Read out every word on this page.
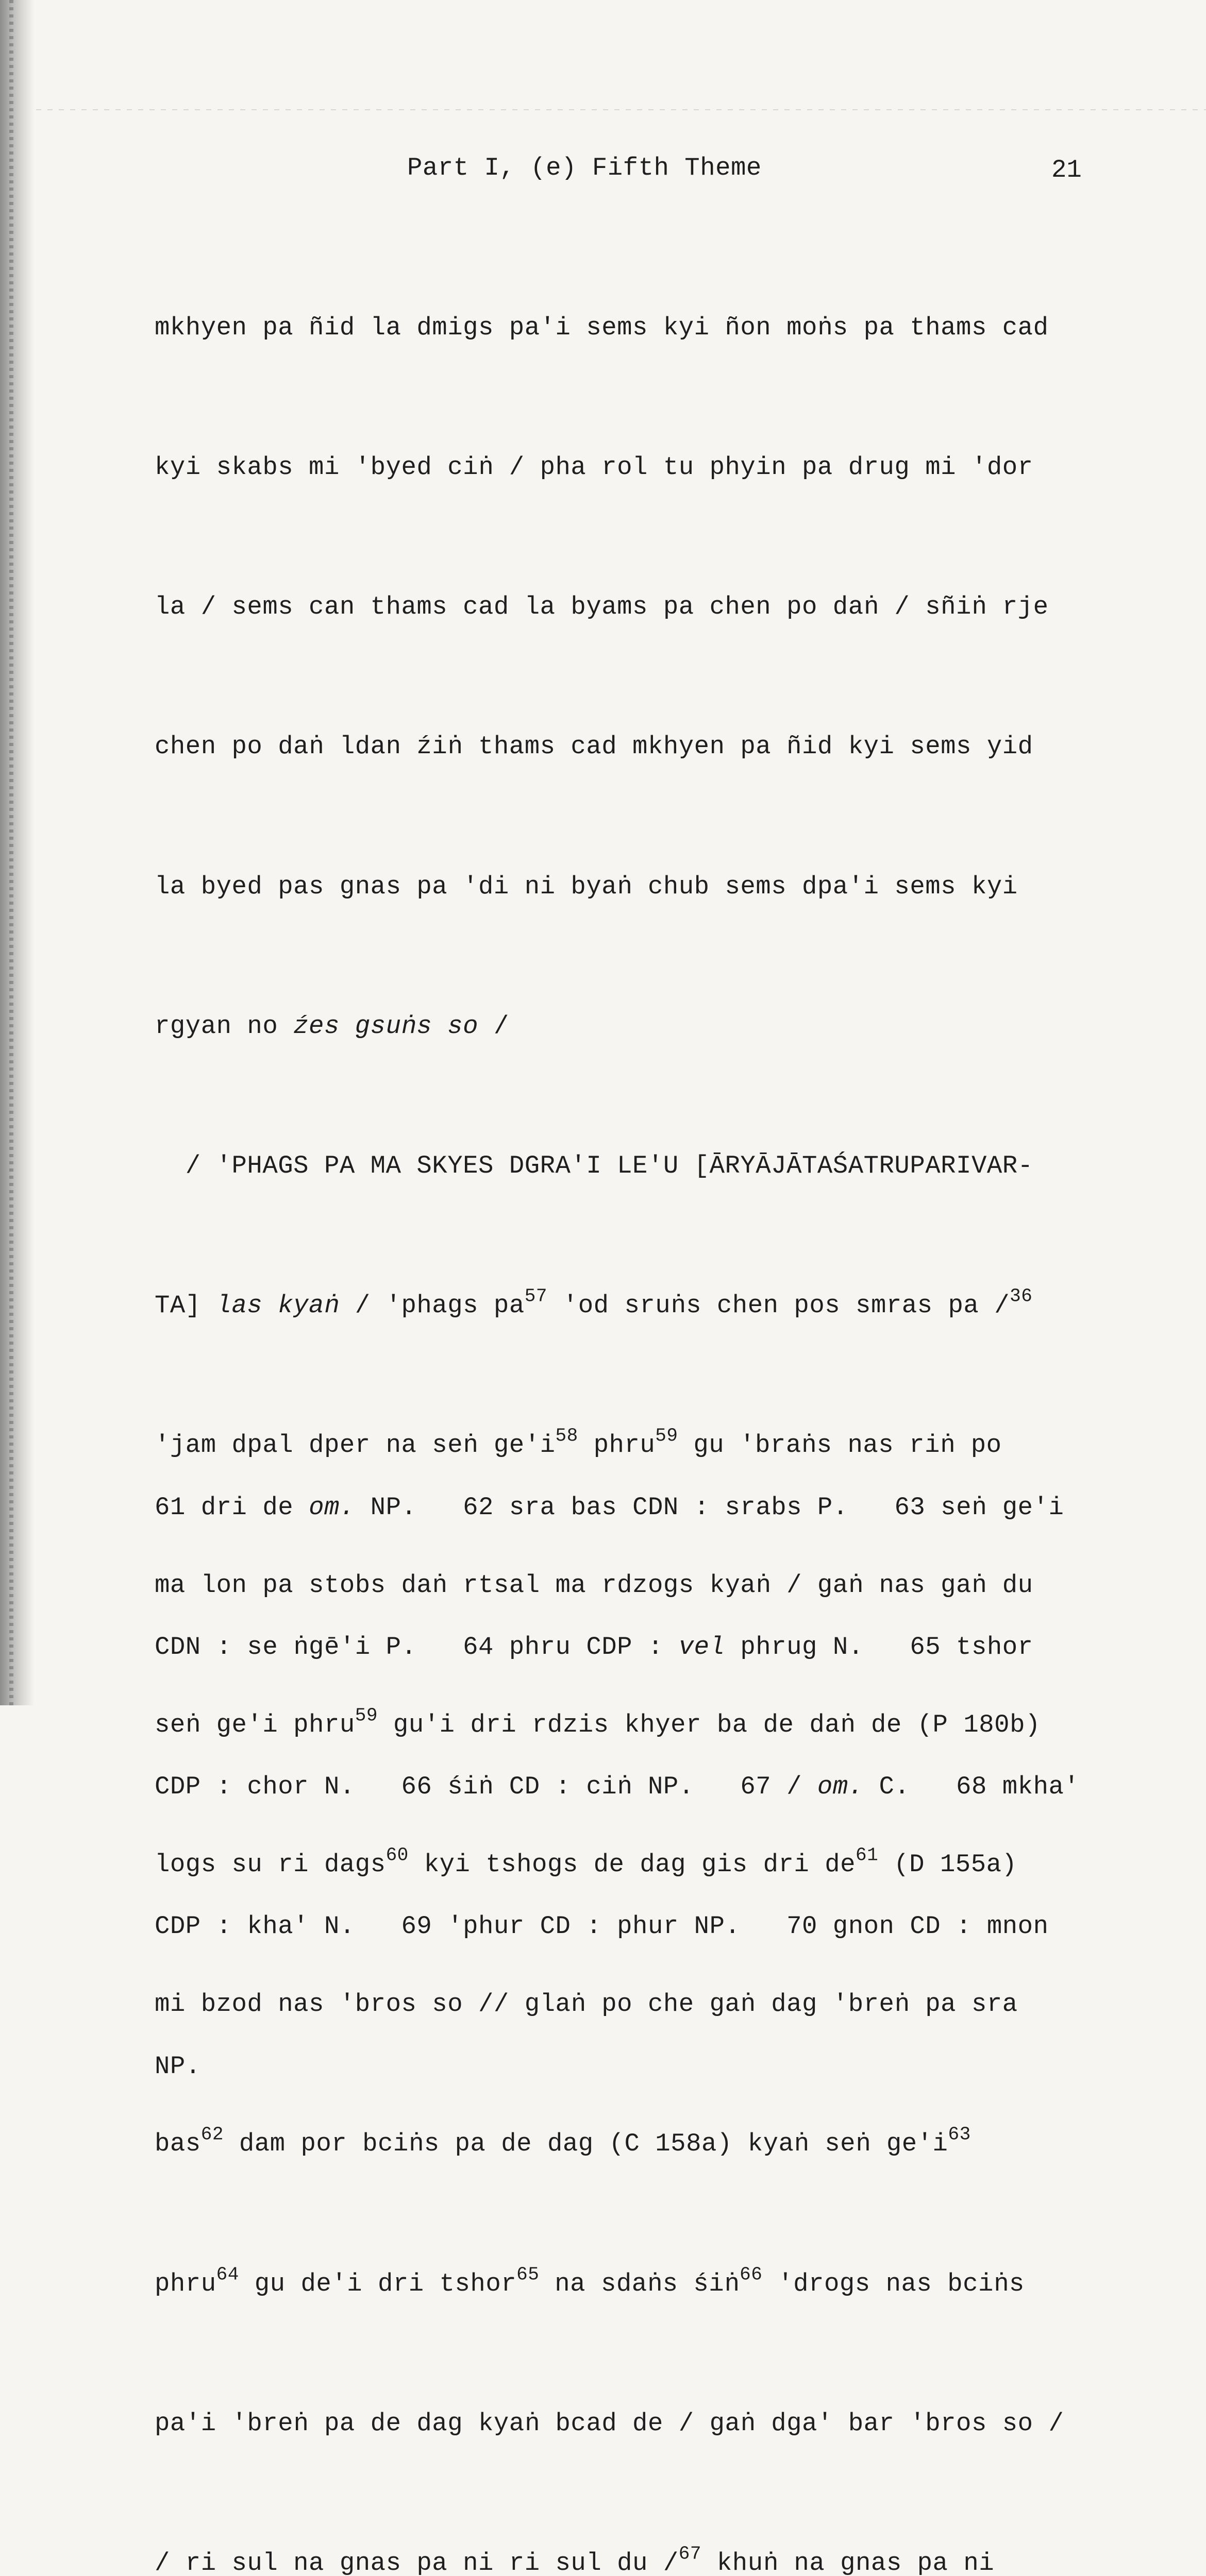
Part I, (e) Fifth Theme	21

mkhyen pa ñid la dmigs pa'i sems kyi ñon moṅs pa thams cad

kyi skabs mi 'byed ciṅ / pha rol tu phyin pa drug mi 'dor

la / sems can thams cad la byams pa chen po daṅ / sñiṅ rje

chen po daṅ ldan źiṅ thams cad mkhyen pa ñid kyi sems yid

la byed pas gnas pa 'di ni byaṅ chub sems dpa'i sems kyi

rgyan no źes gsuṅs so /

/ 'PHAGS PA MA SKYES DGRA'I LE'U [ĀRYĀJĀTAŚATRUPARIVAR-

TA] las kyaṅ / 'phags $pa^{57}$ 'od sruṅs chen pos smras pa /$^{36}$

'jam dpal dper na seṅ $ge'i^{58}$ phru$^{59}$ gu 'braṅs nas riṅ po

ma lon pa stobs daṅ rtsal ma rdzogs kyaṅ / gaṅ nas gaṅ du

seṅ ge'i phru$^{59}$ gu'i dri rdzis khyer ba de daṅ de (P 180b)

logs su ri dags$^{60}$ kyi tshogs de dag gis dri $de^{61}$ (D 155a)

mi bzod nas 'bros so // glaṅ po che gaṅ dag 'breṅ pa sra

bas$^{62}$ dam por bciṅs pa de dag (C 158a) kyaṅ seṅ $ge'i^{63}$

phru$^{64}$ gu de'i dri tshor$^{65}$ na sdaṅs śiṅ$^{66}$ 'drogs nas bciṅs

pa'i 'breṅ pa de dag kyaṅ bcad de / gaṅ dga' bar 'bros so /

/ ri sul na gnas pa ni ri sul du /$^{67}$ khuṅ na gnas pa ni

61 dri de om. NP.   62 sra bas CDN : srabs P.   63 seṅ ge'i

CDN : se ṅgē'i P.   64 phru CDP : vel phrug N.   65 tshor

CDP : chor N.   66 śiṅ CD : ciṅ NP.   67 / om. C.   68 mkha'

CDP : kha' N.   69 'phur CD : phur NP.   70 gnon CD : mnon

NP.
